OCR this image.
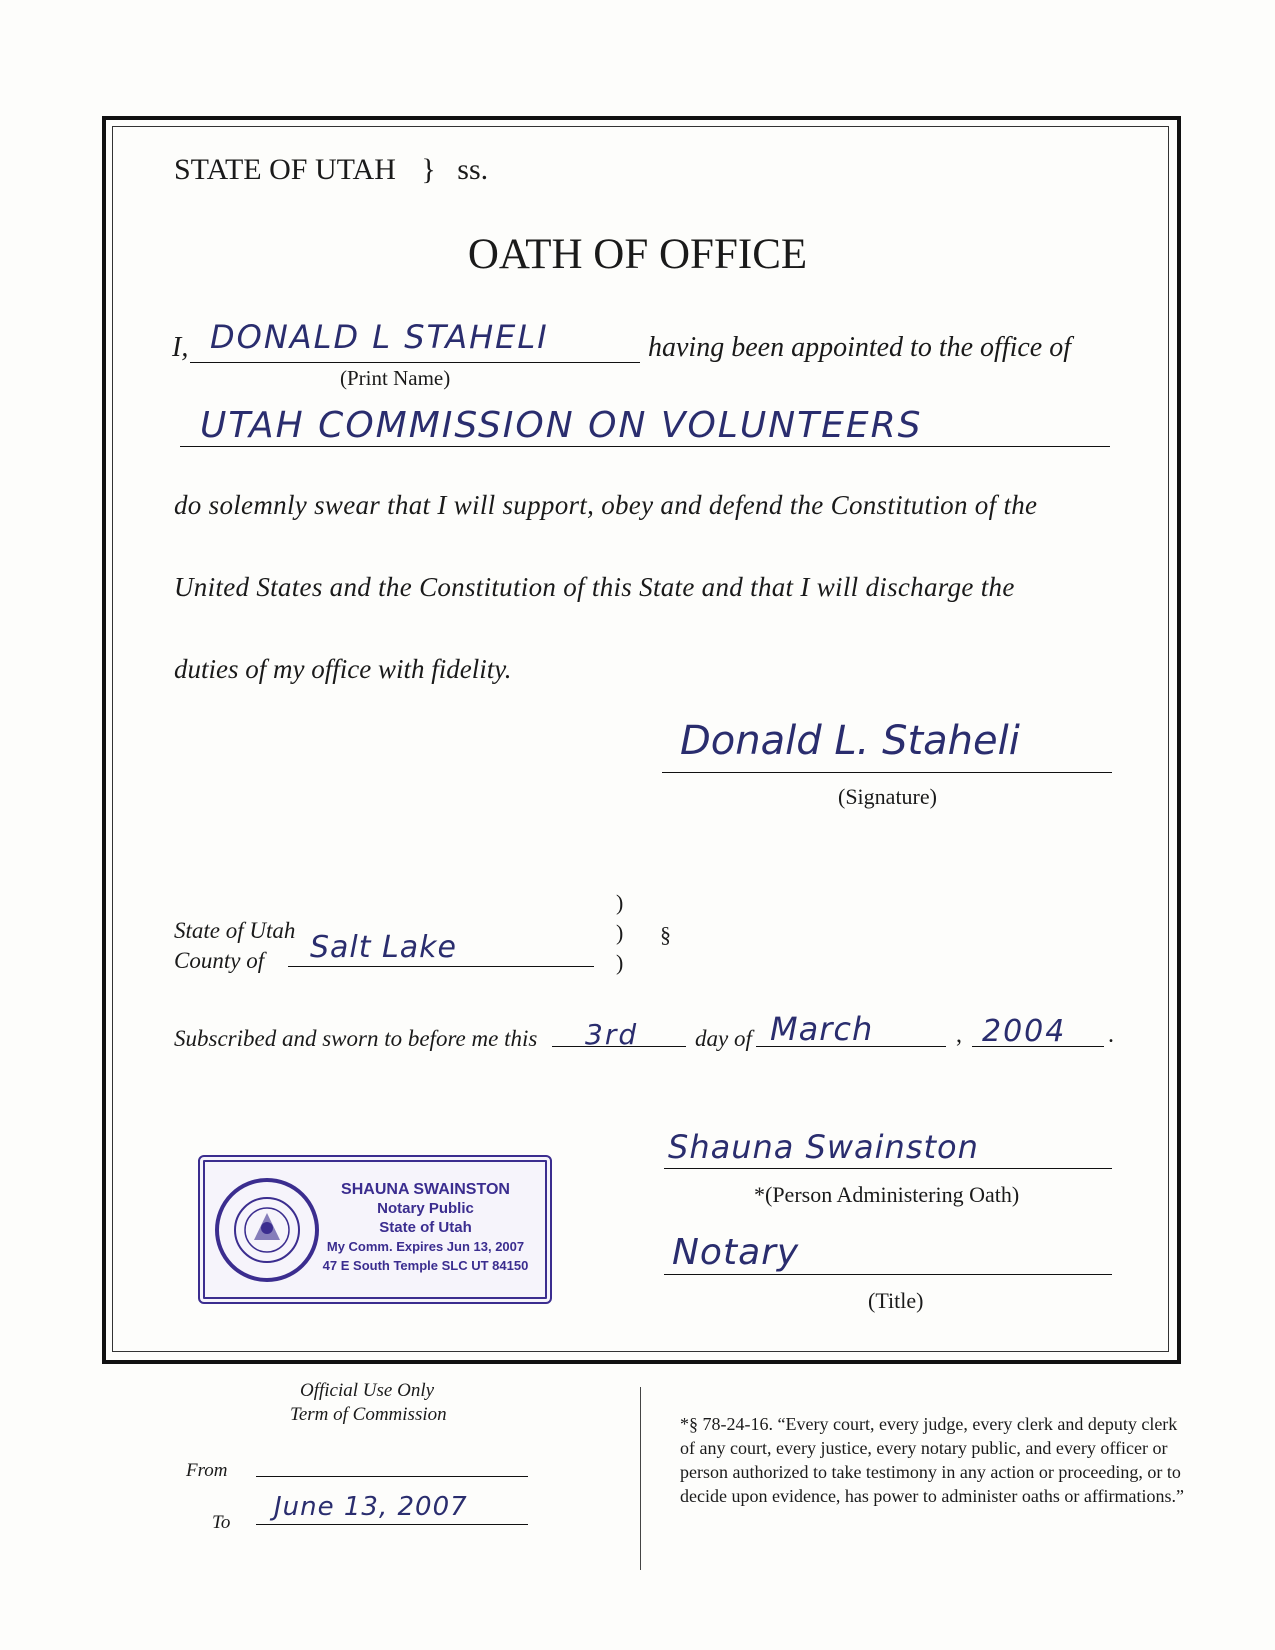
STATE OF UTAH } ss.
OATH OF OFFICE
I, DONALD L STAHELI	having been appointed to the office of
(Print Name)
UTAH COMMISSION ON VOLUNTEERS
do solemnly swear that I will support, obey and defend the Constitution of the
United States and the Constitution of this State and that I will discharge the
duties of my office with fidelity.
Donald L. Staheli
(Signature)
State of Utah
County of Salt Lake
)
)
)
§
Subscribed and sworn to before me this 3rd day of March	, 2004 .
Shauna Swainston
*(Person Administering Oath)
Notary
(Title)
SHAUNA SWAINSTON
Notary Public
State of Utah
My Comm. Expires Jun 13, 2007
47 E South Temple SLC UT 84150
Official Use Only
Term of Commission
From
To
June 13, 2007
*§ 78-24-16. “Every court, every judge, every clerk and deputy clerk of any court, every justice, every notary public, and every officer or person authorized to take testimony in any action or proceeding, or to decide upon evidence, has power to administer oaths or affirmations.”
